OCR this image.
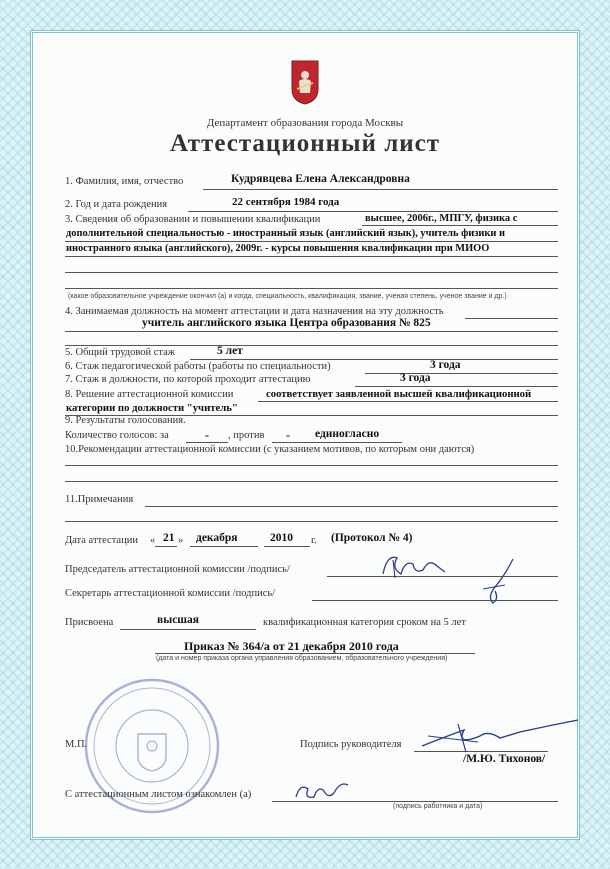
Департамент образования города Москвы
Аттестационный лист
1. Фамилия, имя, отчество	Кудрявцева Елена Александровна
2. Год и дата рождения	22 сентября 1984 года
3. Сведения об образовании и повышении квалификации	высшее, 2006г., МПГУ, физика с
дополнительной специальностью - иностранный язык (английский язык), учитель физики и
иностранного языка (английского), 2009г. - курсы повышения квалификации при МИОО
(какое образовательное учреждение окончил (а) и когда, специальность, квалификация, звание, ученая степень, ученое звание и др.)
4. Занимаемая должность на момент аттестации и дата назначения на эту должность
учитель английского языка Центра образования № 825
5. Общий трудовой стаж	5 лет
6. Стаж педагогической работы (работы по специальности)	3 года
7. Стаж в должности, по которой проходит аттестацию	3 года
8. Решение аттестационной комиссии	соответствует заявленной высшей квалификационной
категории по должности "учитель"
9. Результаты голосования.
Количество голосов: за	- , против - единогласно
10.Рекомендации аттестационной комиссии (с указанием мотивов, по которым они даются)
11.Примечания
Дата аттестации « 21 » декабря	2010 г. (Протокол № 4)
Председатель аттестационной комиссии /подпись/
Секретарь аттестационной комиссии /подпись/
Присвоена	высшая	квалификационная категория сроком на 5 лет
Приказ № 364/а от 21 декабря 2010 года
(дата и номер приказа органа управления образованием, образовательного учреждения)
М.П.	Подпись руководителя
/М.Ю. Тихонов/
С аттестационным листом ознакомлен (а)
(подпись работника и дата)
